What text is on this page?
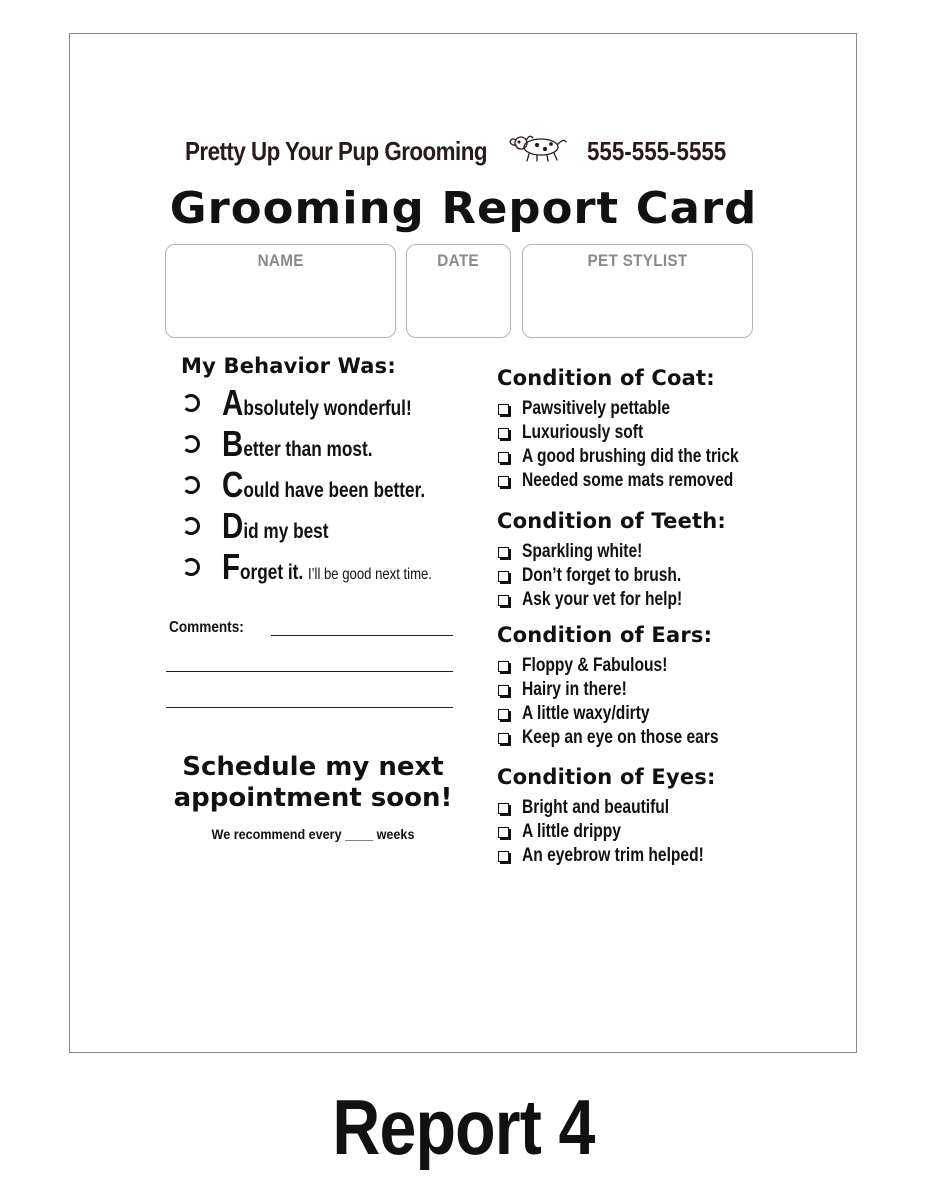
Pretty Up Your Pup Grooming	555-555-5555
Grooming Report Card
NAME	DATE	PET STYLIST
My Behavior Was:
Absolutely wonderful!
Better than most.
Could have been better.
Did my best
Forget it. I’ll be good next time.
Comments:
Schedule my next
appointment soon!
We recommend every ____ weeks
Condition of Coat:
Pawsitively pettable
Luxuriously soft
A good brushing did the trick
Needed some mats removed
Condition of Teeth:
Sparkling white!
Don’t forget to brush.
Ask your vet for help!
Condition of Ears:
Floppy & Fabulous!
Hairy in there!
A little waxy/dirty
Keep an eye on those ears
Condition of Eyes:
Bright and beautiful
A little drippy
An eyebrow trim helped!
Report 4
